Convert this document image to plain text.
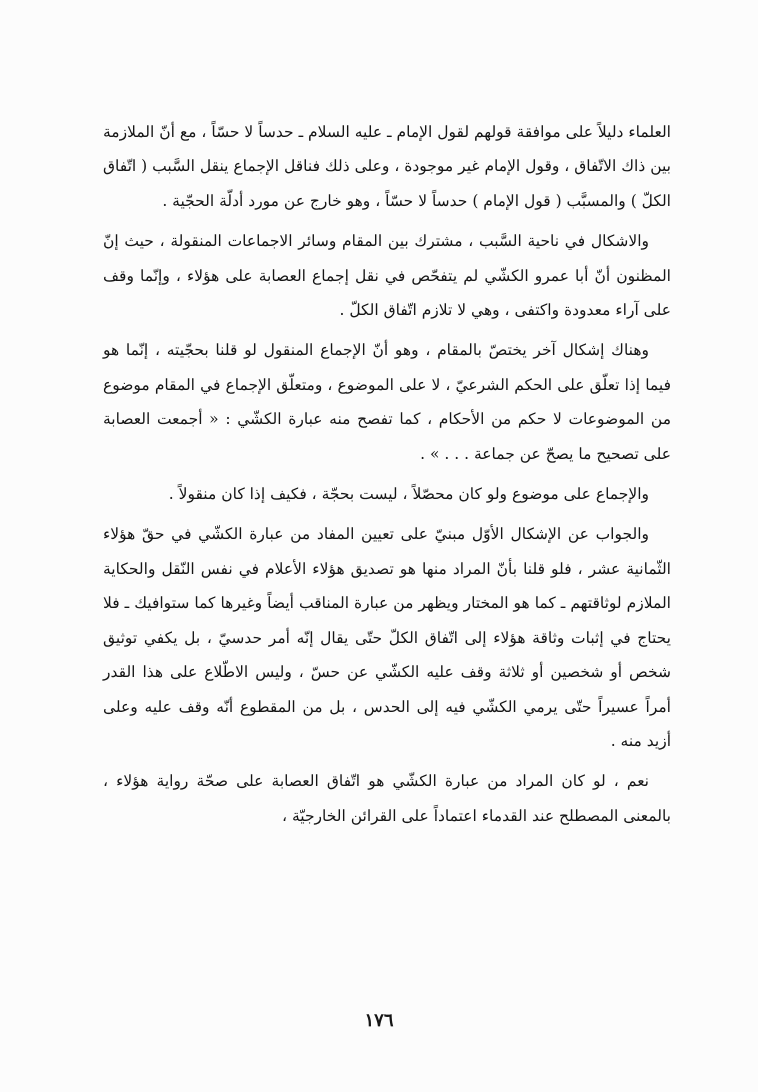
العلماء دليلاً على موافقة قولهم لقول الإمام ـ عليه السلام ـ حدساً لا حسّاً ، مع أنّ الملازمة بين ذاك الاتّفاق ، وقول الإمام غير موجودة ، وعلى ذلك فناقل الإجماع ينقل السَّبب ( اتّفاق الكلّ ) والمسبَّب ( قول الإمام ) حدساً لا حسّاً ، وهو خارج عن مورد أدلّة الحجّية .

والاشكال في ناحية السَّبب ، مشترك بين المقام وسائر الاجماعات المنقولة ، حيث إنّ المظنون أنّ أبا عمرو الكشّي لم يتفحّص في نقل إجماع العصابة على هؤلاء ، وإنّما وقف على آراء معدودة واكتفى ، وهي لا تلازم اتّفاق الكلّ .

وهناك إشكال آخر يختصّ بالمقام ، وهو أنّ الإجماع المنقول لو قلنا بحجّيته ، إنّما هو فيما إذا تعلّق على الحكم الشرعيّ ، لا على الموضوع ، ومتعلّق الإجماع في المقام موضوع من الموضوعات لا حكم من الأحكام ، كما تفصح منه عبارة الكشّي : « أجمعت العصابة على تصحيح ما يصحّ عن جماعة . . . » .

والإجماع على موضوع ولو كان محصّلاً ، ليست بحجّة ، فكيف إذا كان منقولاً .

والجواب عن الإشكال الأوّل مبنيّ على تعيين المفاد من عبارة الكشّي في حقّ هؤلاء الثّمانية عشر ، فلو قلنا بأنّ المراد منها هو تصديق هؤلاء الأعلام في نفس النّقل والحكاية الملازم لوثاقتهم ـ كما هو المختار ويظهر من عبارة المناقب أيضاً وغيرها كما ستوافيك ـ فلا يحتاج في إثبات وثاقة هؤلاء إلى اتّفاق الكلّ حتّى يقال إنّه أمر حدسيّ ، بل يكفي توثيق شخص أو شخصين أو ثلاثة وقف عليه الكشّي عن حسّ ، وليس الاطّلاع على هذا القدر أمراً عسيراً حتّى يرمي الكشّي فيه إلى الحدس ، بل من المقطوع أنّه وقف عليه وعلى أزيد منه .

نعم ، لو كان المراد من عبارة الكشّي هو اتّفاق العصابة على صحّة رواية هؤلاء ، بالمعنى المصطلح عند القدماء اعتماداً على القرائن الخارجيّة ،

١٧٦
